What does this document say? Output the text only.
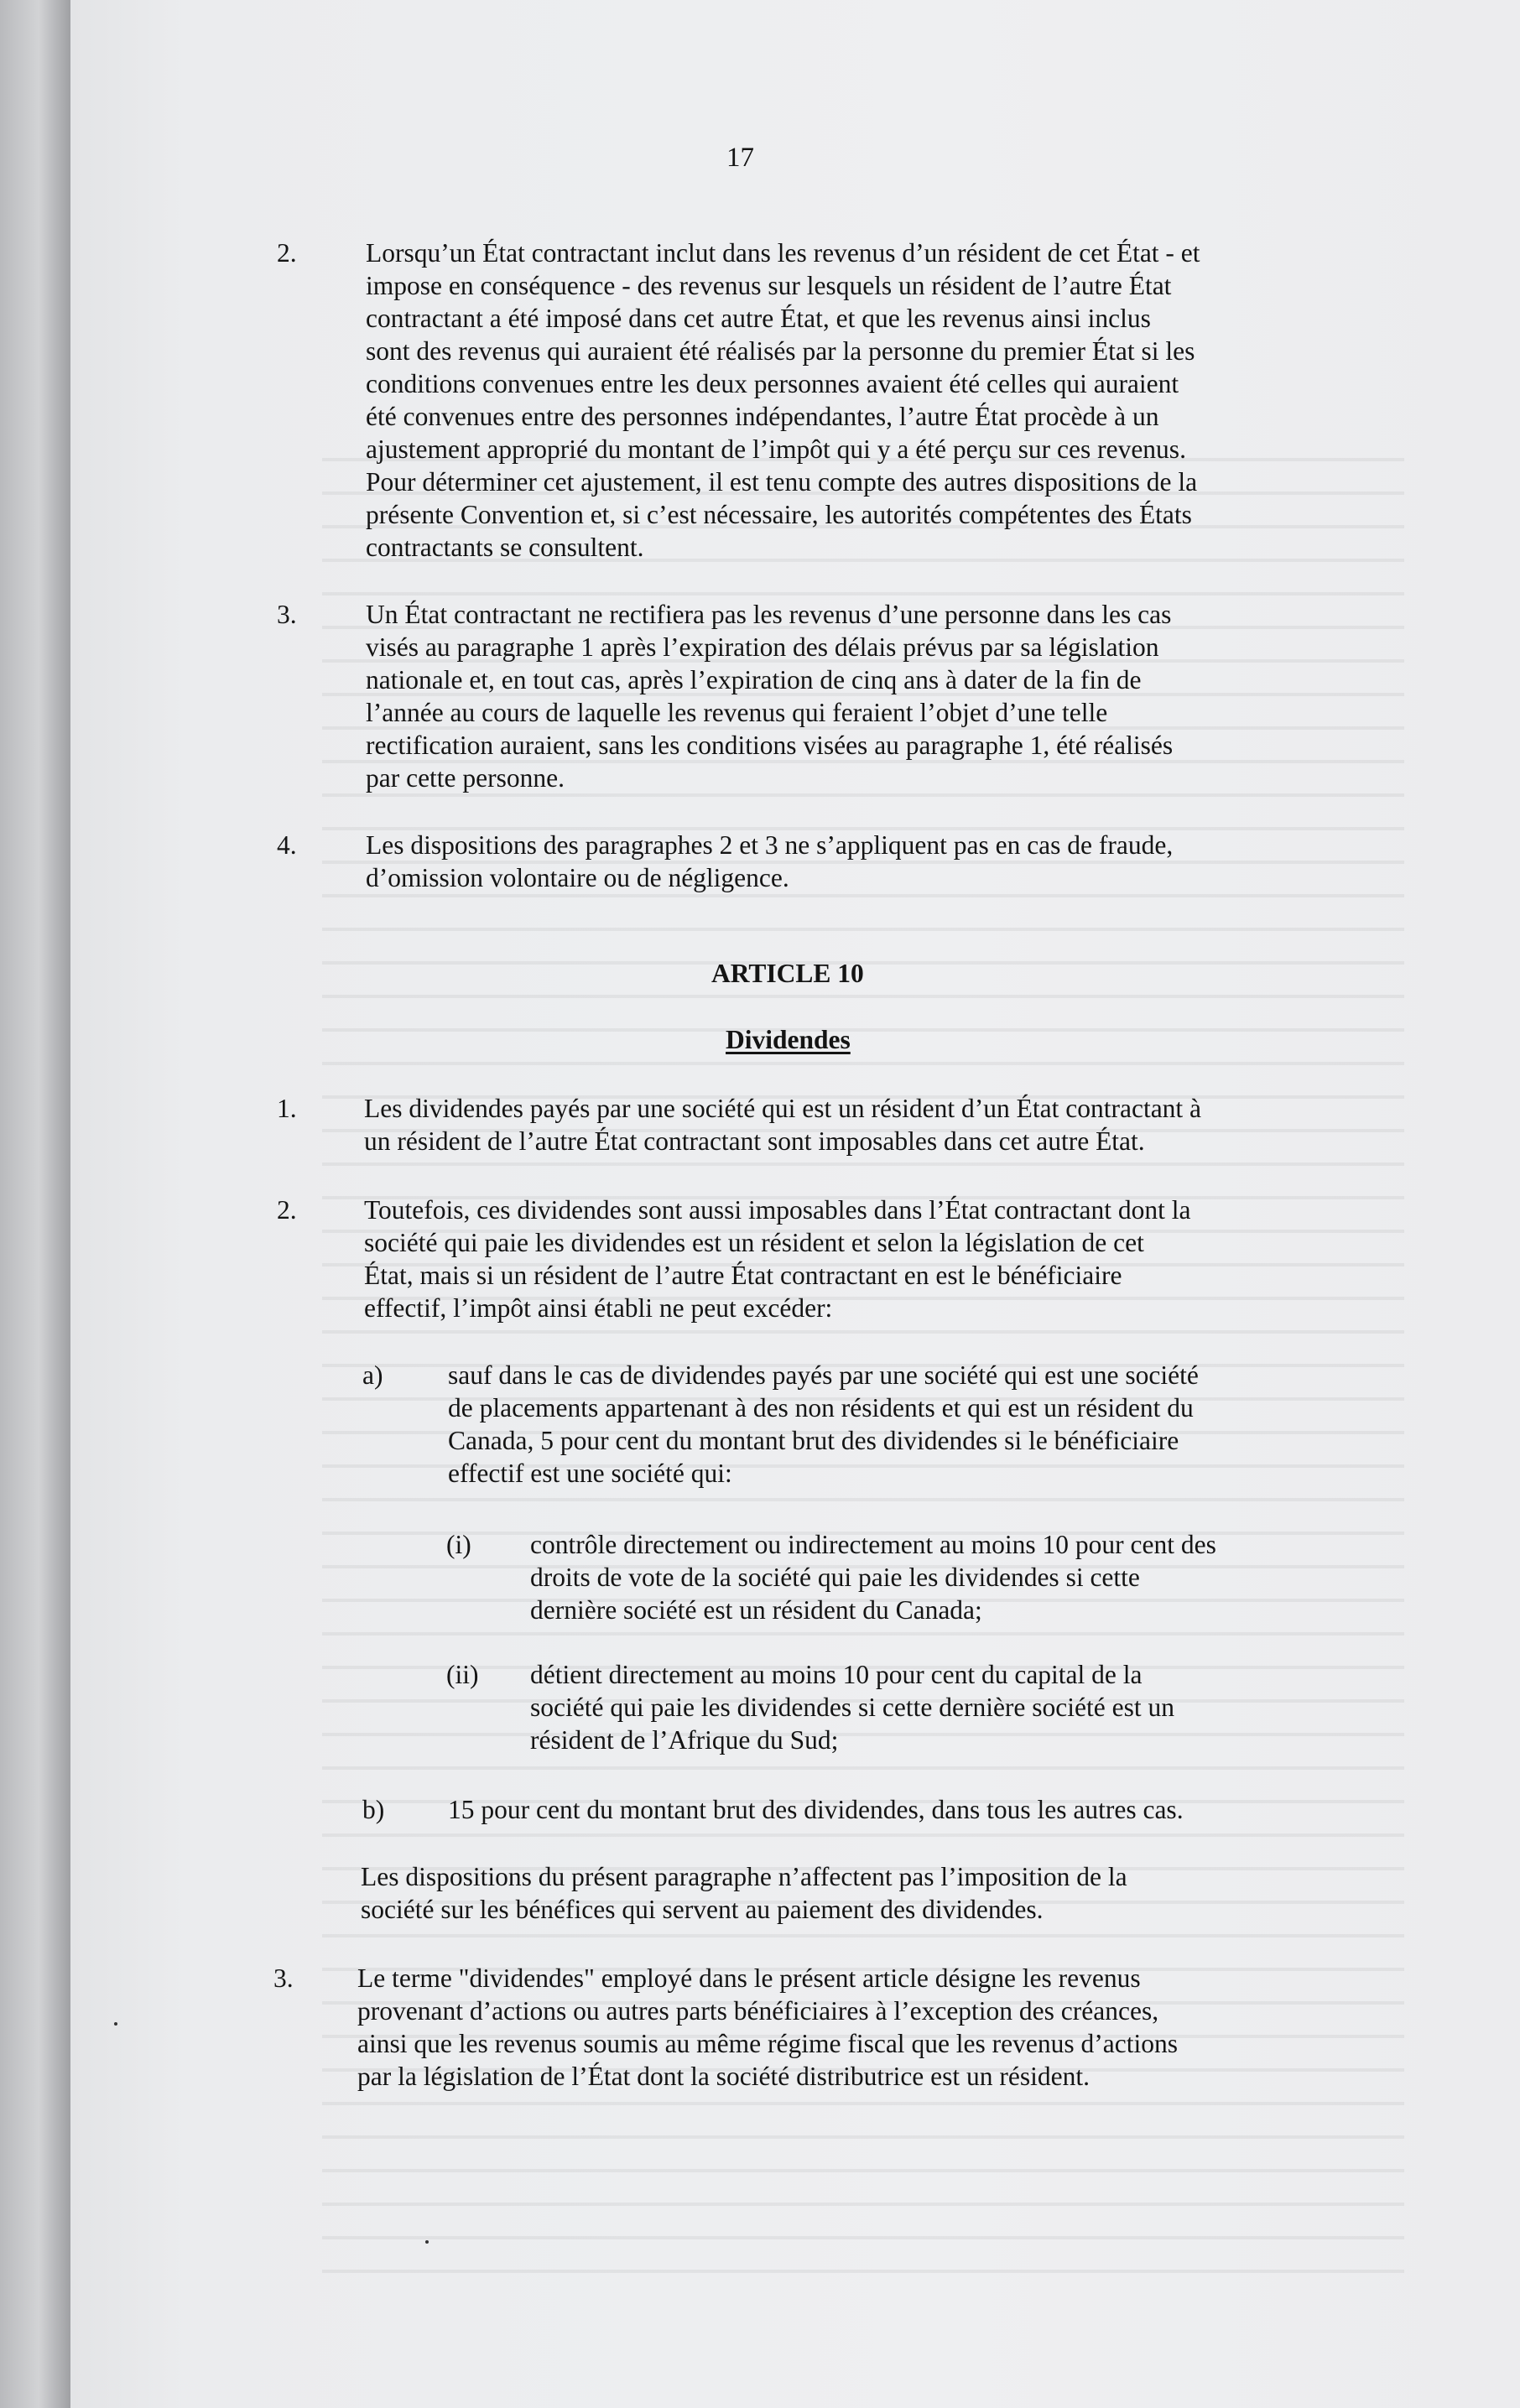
17
2.	Lorsqu’un État contractant inclut dans les revenus d’un résident de cet État - et
impose en conséquence - des revenus sur lesquels un résident de l’autre État
contractant a été imposé dans cet autre État, et que les revenus ainsi inclus
sont des revenus qui auraient été réalisés par la personne du premier État si les
conditions convenues entre les deux personnes avaient été celles qui auraient
été convenues entre des personnes indépendantes, l’autre État procède à un
ajustement approprié du montant de l’impôt qui y a été perçu sur ces revenus.
Pour déterminer cet ajustement, il est tenu compte des autres dispositions de la
présente Convention et, si c’est nécessaire, les autorités compétentes des États
contractants se consultent.
3.	Un État contractant ne rectifiera pas les revenus d’une personne dans les cas
visés au paragraphe 1 après l’expiration des délais prévus par sa législation
nationale et, en tout cas, après l’expiration de cinq ans à dater de la fin de
l’année au cours de laquelle les revenus qui feraient l’objet d’une telle
rectification auraient, sans les conditions visées au paragraphe 1, été réalisés
par cette personne.
4.	Les dispositions des paragraphes 2 et 3 ne s’appliquent pas en cas de fraude,
d’omission volontaire ou de négligence.
ARTICLE 10
Dividendes
1.	Les dividendes payés par une société qui est un résident d’un État contractant à
un résident de l’autre État contractant sont imposables dans cet autre État.
2.	Toutefois, ces dividendes sont aussi imposables dans l’État contractant dont la
société qui paie les dividendes est un résident et selon la législation de cet
État, mais si un résident de l’autre État contractant en est le bénéficiaire
effectif, l’impôt ainsi établi ne peut excéder:
a) sauf dans le cas de dividendes payés par une société qui est une société
de placements appartenant à des non résidents et qui est un résident du
Canada, 5 pour cent du montant brut des dividendes si le bénéficiaire
effectif est une société qui:
(i) contrôle directement ou indirectement au moins 10 pour cent des
droits de vote de la société qui paie les dividendes si cette
dernière société est un résident du Canada;
(ii) détient directement au moins 10 pour cent du capital de la
société qui paie les dividendes si cette dernière société est un
résident de l’Afrique du Sud;
b) 15 pour cent du montant brut des dividendes, dans tous les autres cas.
Les dispositions du présent paragraphe n’affectent pas l’imposition de la
société sur les bénéfices qui servent au paiement des dividendes.
3. Le terme "dividendes" employé dans le présent article désigne les revenus
provenant d’actions ou autres parts bénéficiaires à l’exception des créances,
ainsi que les revenus soumis au même régime fiscal que les revenus d’actions
par la législation de l’État dont la société distributrice est un résident.
